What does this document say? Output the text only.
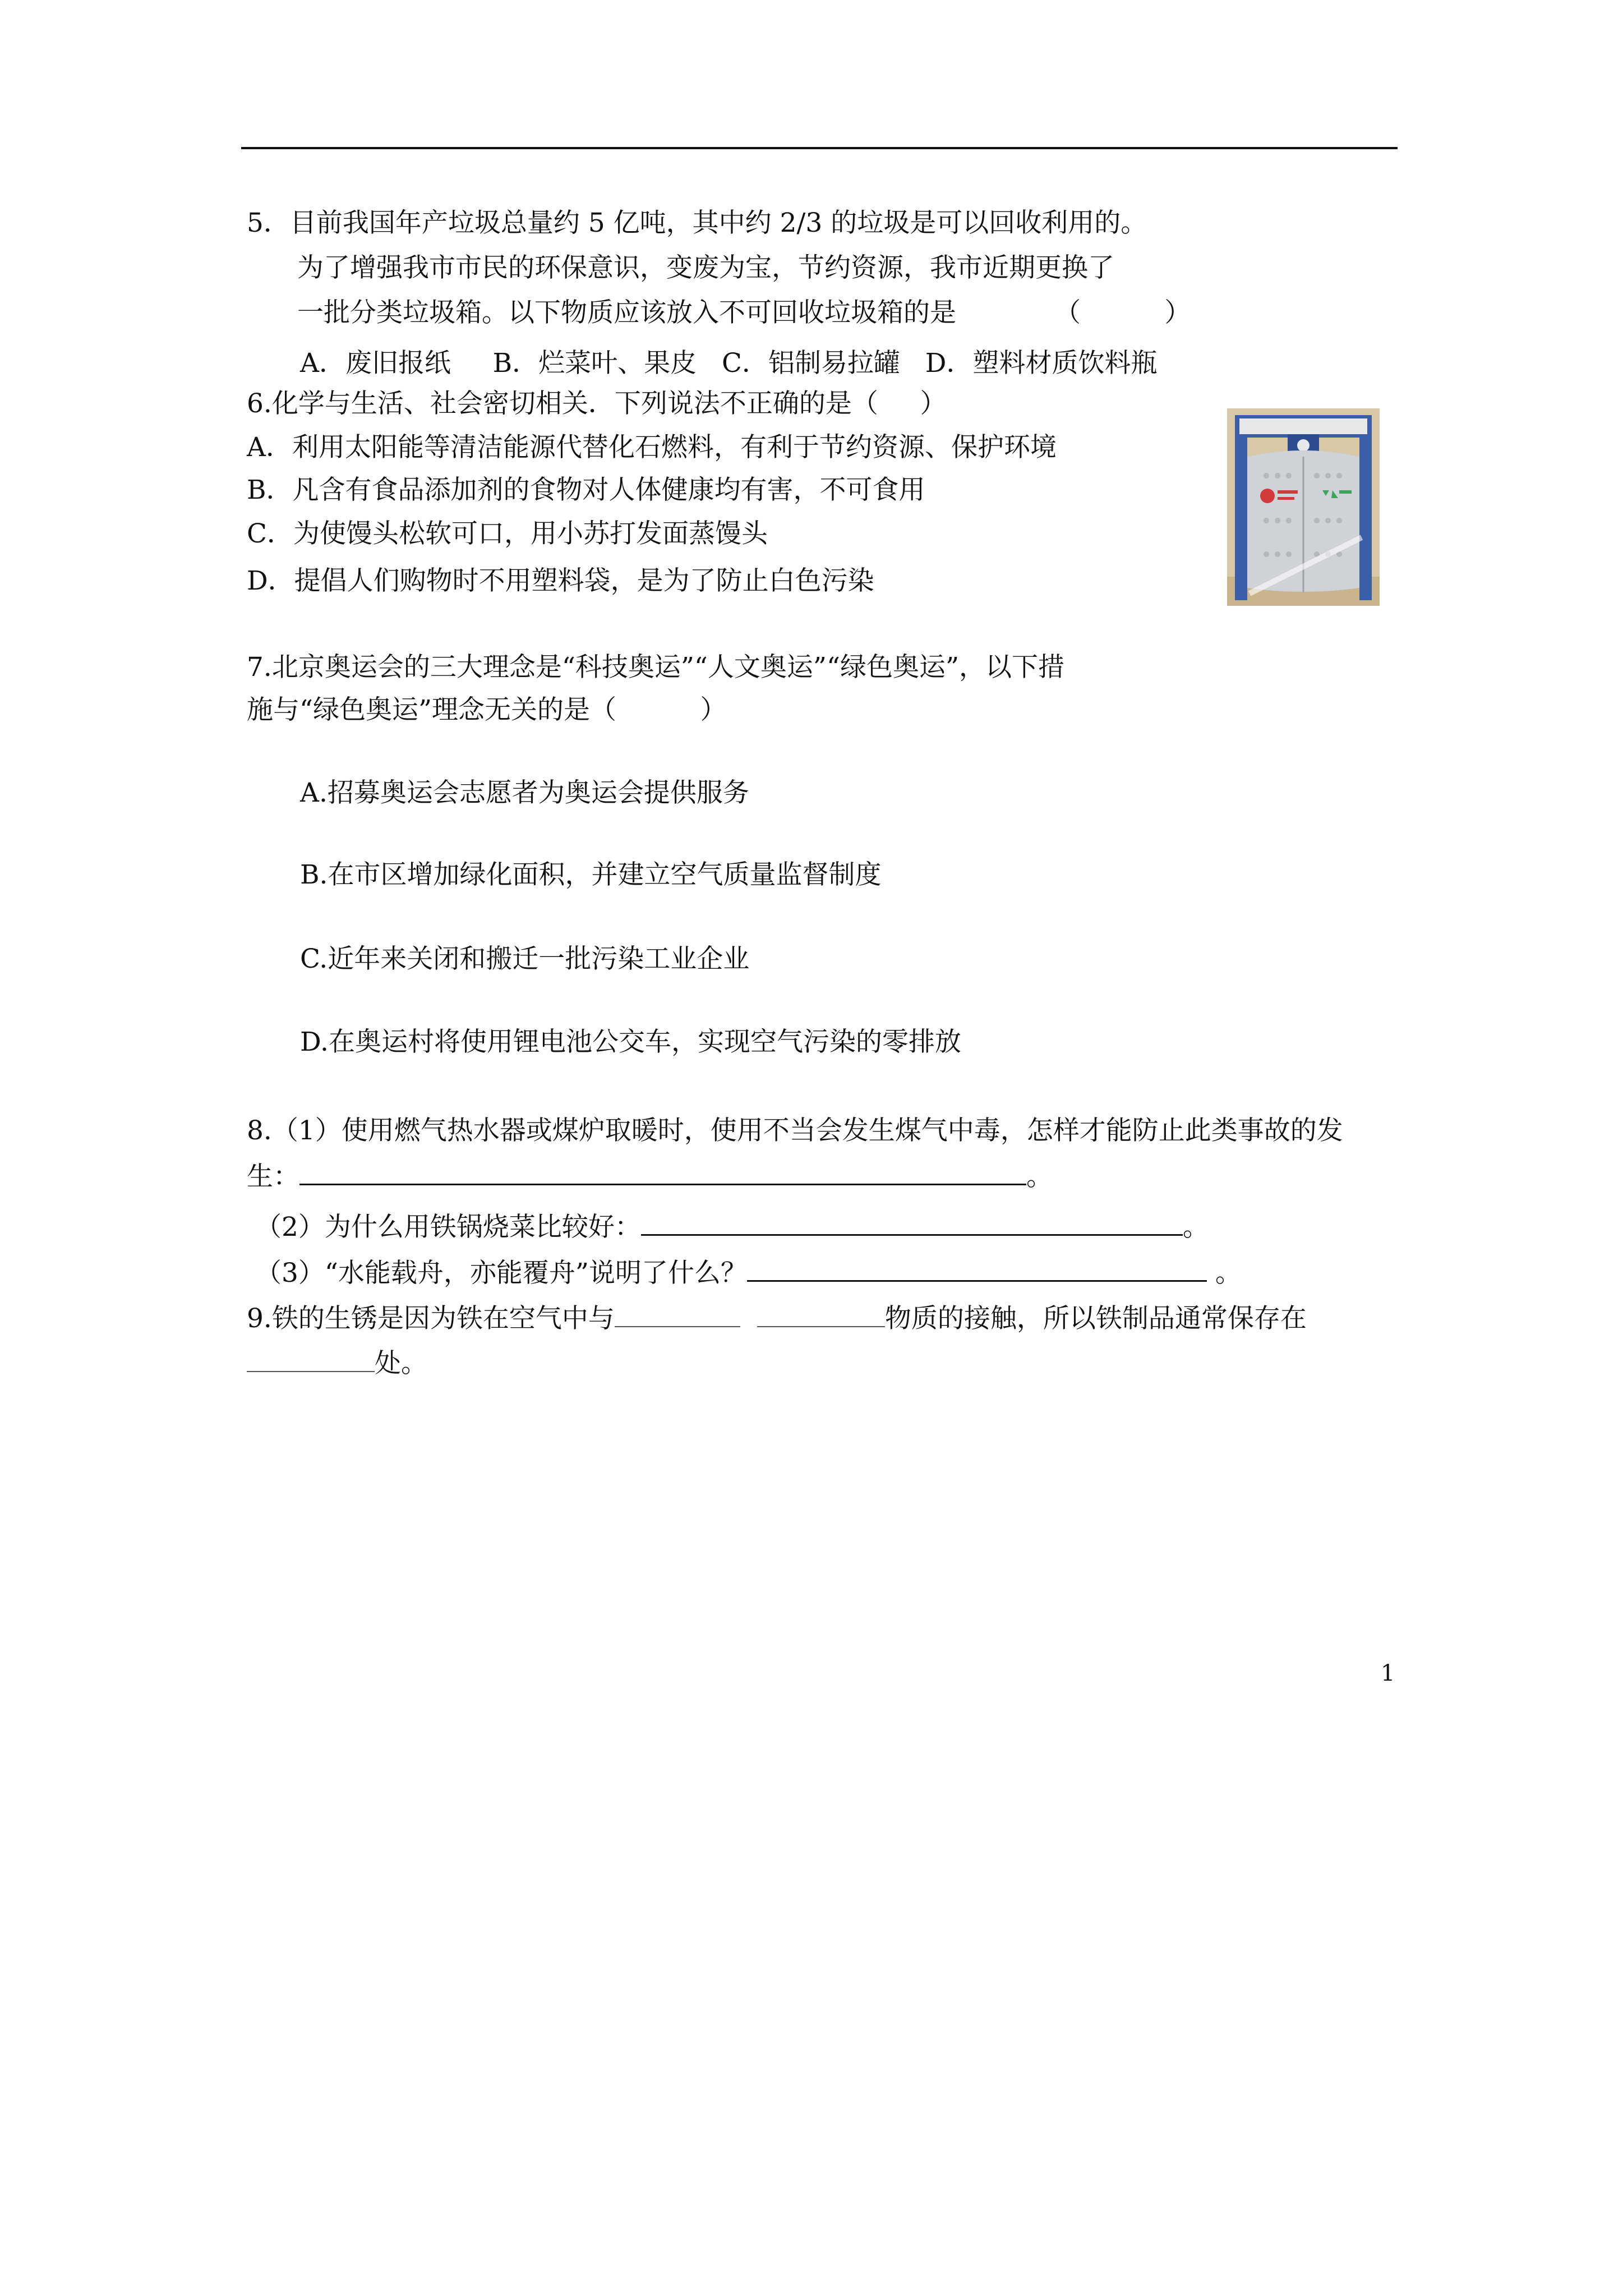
5．目前我国年产垃圾总量约 5 亿吨，其中约 2/3 的垃圾是可以回收利用的。
为了增强我市市民的环保意识，变废为宝，节约资源，我市近期更换了
一批分类垃圾箱。以下物质应该放入不可回收垃圾箱的是	（          ）
A．废旧报纸     B．烂菜叶、果皮   C．铝制易拉罐   D．塑料材质饮料瓶
6.化学与生活、社会密切相关．下列说法不正确的是（     ）
A．利用太阳能等清洁能源代替化石燃料，有利于节约资源、保护环境
B．凡含有食品添加剂的食物对人体健康均有害，不可食用
C．为使馒头松软可口，用小苏打发面蒸馒头
D．提倡人们购物时不用塑料袋，是为了防止白色污染
7.北京奥运会的三大理念是“科技奥运”“人文奥运”“绿色奥运”，以下措
施与“绿色奥运”理念无关的是（          ）
A.招募奥运会志愿者为奥运会提供服务
B.在市区增加绿化面积，并建立空气质量监督制度
C.近年来关闭和搬迁一批污染工业企业
D.在奥运村将使用锂电池公交车，实现空气污染的零排放
8.（1）使用燃气热水器或煤炉取暖时，使用不当会发生煤气中毒，怎样才能防止此类事故的发
生：	。
（2）为什么用铁锅烧菜比较好：	。
（3）“水能载舟，亦能覆舟”说明了什么？	。
9.铁的生锈是因为铁在空气中与	物质的接触，所以铁制品通常保存在
处。
1
